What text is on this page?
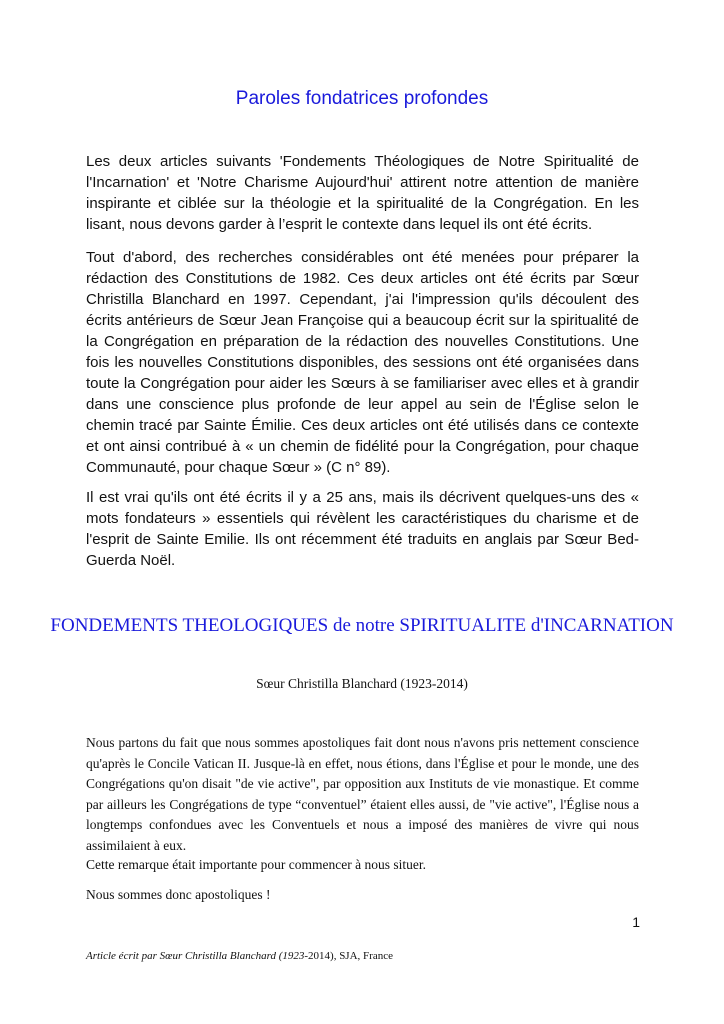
Paroles fondatrices profondes

Les deux articles suivants 'Fondements Théologiques de Notre Spiritualité de l'Incarnation' et 'Notre Charisme Aujourd'hui' attirent notre attention de manière inspirante et ciblée sur la théologie et la spiritualité de la Congrégation. En les lisant, nous devons garder à l’esprit le contexte dans lequel ils ont été écrits.

Tout d'abord, des recherches considérables ont été menées pour préparer la rédaction des Constitutions de 1982. Ces deux articles ont été écrits par Sœur Christilla Blanchard en 1997. Cependant, j'ai l'impression qu'ils découlent des écrits antérieurs de Sœur Jean Françoise qui a beaucoup écrit sur la spiritualité de la Congrégation en préparation de la rédaction des nouvelles Constitutions. Une fois les nouvelles Constitutions disponibles, des sessions ont été organisées dans toute la Congrégation pour aider les Sœurs à se familiariser avec elles et à grandir dans une conscience plus profonde de leur appel au sein de l'Église selon le chemin tracé par Sainte Émilie. Ces deux articles ont été utilisés dans ce contexte et ont ainsi contribué à « un chemin de fidélité pour la Congrégation, pour chaque Communauté, pour chaque Sœur » (C n° 89).

Il est vrai qu'ils ont été écrits il y a 25 ans, mais ils décrivent quelques-uns des « mots fondateurs » essentiels qui révèlent les caractéristiques du charisme et de l'esprit de Sainte Emilie. Ils ont récemment été traduits en anglais par Sœur Bed-Guerda Noël.

FONDEMENTS THEOLOGIQUES de notre SPIRITUALITE d'INCARNATION

Sœur Christilla Blanchard (1923-2014)

Nous partons du fait que nous sommes apostoliques fait dont nous n'avons pris nettement conscience qu'après le Concile Vatican II. Jusque-là en effet, nous étions, dans l'Église et pour le monde, une des Congrégations qu'on disait "de vie active", par opposition aux Instituts de vie monastique. Et comme par ailleurs les Congrégations de type “conventuel” étaient elles aussi, de "vie active", l'Église nous a longtemps confondues avec les Conventuels et nous a imposé des manières de vivre qui nous assimilaient à eux.

Cette remarque était importante pour commencer à nous situer.

Nous sommes donc apostoliques !

1
Article écrit par Sœur Christilla Blanchard (1923-2014), SJA, France
